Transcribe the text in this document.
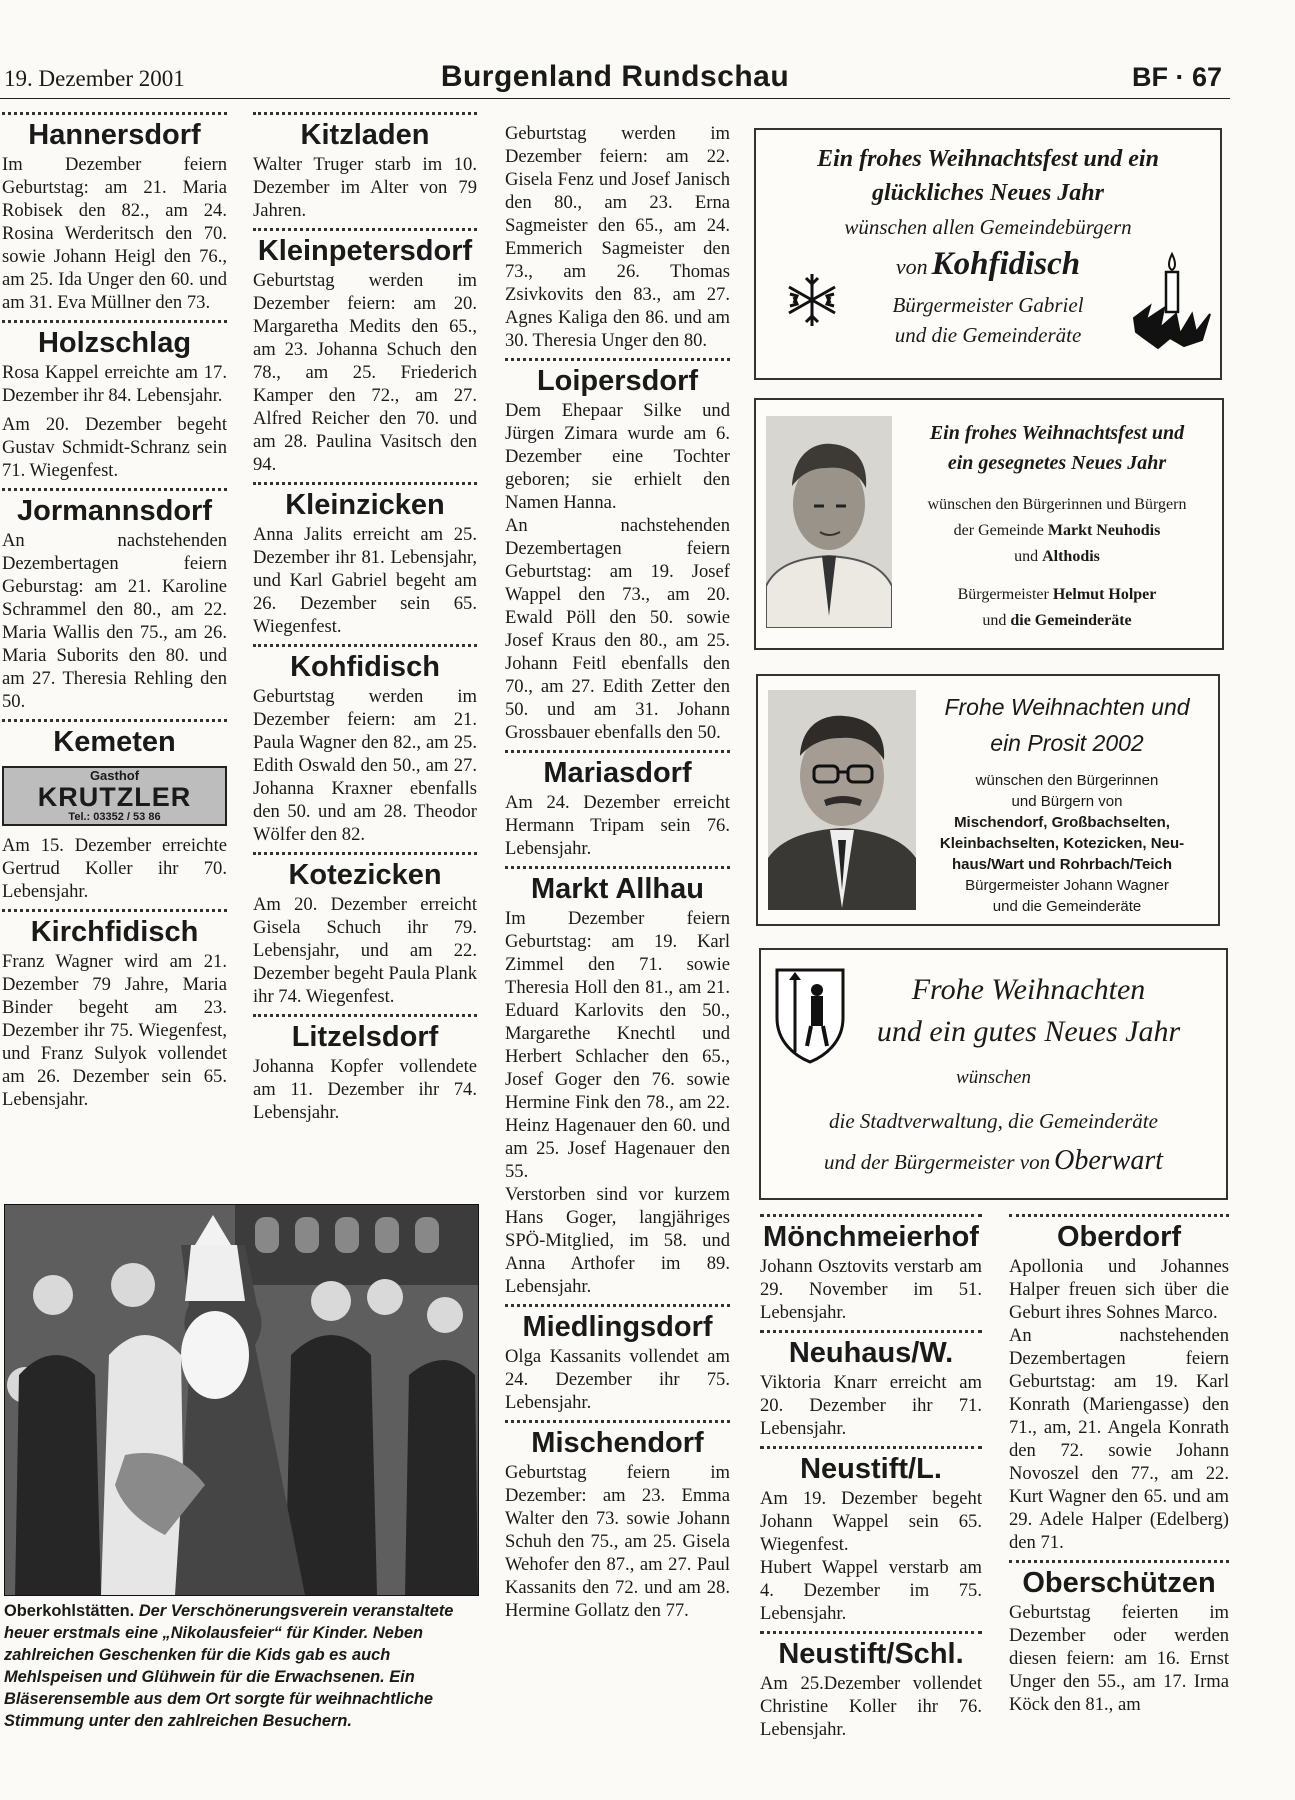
19. Dezember 2001	Burgenland Rundschau	BF · 67
Hannersdorf

Im Dezember feiern Geburtstag: am 21. Maria Robisek den 82., am 24. Rosina Werderitsch den 70. sowie Johann Heigl den 76., am 25. Ida Unger den 60. und am 31. Eva Müllner den 73.

Holzschlag

Rosa Kappel erreichte am 17. Dezember ihr 84. Lebensjahr.

Am 20. Dezember begeht Gustav Schmidt-Schranz sein 71. Wiegenfest.

Jormannsdorf

An nachstehenden Dezembertagen feiern Geburstag: am 21. Karoline Schrammel den 80., am 22. Maria Wallis den 75., am 26. Maria Suborits den 80. und am 27. Theresia Rehling den 50.

Kemeten
Gasthof
KRUTZLER
Tel.: 03352 / 53 86

Am 15. Dezember erreichte Gertrud Koller ihr 70. Lebensjahr.

Kirchfidisch

Franz Wagner wird am 21. Dezember 79 Jahre, Maria Binder begeht am 23. Dezember ihr 75. Wiegenfest, und Franz Sulyok vollendet am 26. Dezember sein 65. Lebensjahr.

Kitzladen

Walter Truger starb im 10. Dezember im Alter von 79 Jahren.

Kleinpetersdorf

Geburtstag werden im Dezember feiern: am 20. Margaretha Medits den 65., am 23. Johanna Schuch den 78., am 25. Friederich Kamper den 72., am 27. Alfred Reicher den 70. und am 28. Paulina Vasitsch den 94.

Kleinzicken

Anna Jalits erreicht am 25. Dezember ihr 81. Lebensjahr, und Karl Gabriel begeht am 26. Dezember sein 65. Wiegenfest.

Kohfidisch

Geburtstag werden im Dezember feiern: am 21. Paula Wagner den 82., am 25. Edith Oswald den 50., am 27. Johanna Kraxner ebenfalls den 50. und am 28. Theodor Wölfer den 82.

Kotezicken

Am 20. Dezember erreicht Gisela Schuch ihr 79. Lebensjahr, und am 22. Dezember begeht Paula Plank ihr 74. Wiegenfest.

Litzelsdorf

Johanna Kopfer vollendete am 11. Dezember ihr 74. Lebensjahr.

Geburtstag werden im Dezember feiern: am 22. Gisela Fenz und Josef Janisch den 80., am 23. Erna Sagmeister den 65., am 24. Emmerich Sagmeister den 73., am 26. Thomas Zsivkovits den 83., am 27. Agnes Kaliga den 86. und am 30. Theresia Unger den 80.

Loipersdorf

Dem Ehepaar Silke und Jürgen Zimara wurde am 6. Dezember eine Tochter geboren; sie erhielt den Namen Hanna.

An nachstehenden Dezembertagen feiern Geburtstag: am 19. Josef Wappel den 73., am 20. Ewald Pöll den 50. sowie Josef Kraus den 80., am 25. Johann Feitl ebenfalls den 70., am 27. Edith Zetter den 50. und am 31. Johann Grossbauer ebenfalls den 50.

Mariasdorf

Am 24. Dezember erreicht Hermann Tripam sein 76. Lebensjahr.

Markt Allhau

Im Dezember feiern Geburtstag: am 19. Karl Zimmel den 71. sowie Theresia Holl den 81., am 21. Eduard Karlovits den 50., Margarethe Knechtl und Herbert Schlacher den 65., Josef Goger den 76. sowie Hermine Fink den 78., am 22. Heinz Hagenauer den 60. und am 25. Josef Hagenauer den 55.

Verstorben sind vor kurzem Hans Goger, langjähriges SPÖ-Mitglied, im 58. und Anna Arthofer im 89. Lebensjahr.

Miedlingsdorf

Olga Kassanits vollendet am 24. Dezember ihr 75. Lebensjahr.

Mischendorf

Geburtstag feiern im Dezember: am 23. Emma Walter den 73. sowie Johann Schuh den 75., am 25. Gisela Wehofer den 87., am 27. Paul Kassanits den 72. und am 28. Hermine Gollatz den 77.

Ein frohes Weihnachtsfest und ein
glückliches Neues Jahr
wünschen allen Gemeindebürgern
von Kohfidisch
Bürgermeister Gabriel
und die Gemeinderäte
Ein frohes Weihnachtsfest und
ein gesegnetes Neues Jahr
wünschen den Bürgerinnen und Bürgern
der Gemeinde Markt Neuhodis
und Althodis
Bürgermeister Helmut Holper
und die Gemeinderäte
Frohe Weihnachten und
ein Prosit 2002
wünschen den Bürgerinnen
und Bürgern von
Mischendorf, Großbachselten,
Kleinbachselten, Kotezicken, Neu-
haus/Wart und Rohrbach/Teich
Bürgermeister Johann Wagner
und die Gemeinderäte
Frohe Weihnachten
und ein gutes Neues Jahr
wünschen
die Stadtverwaltung, die Gemeinderäte
und der Bürgermeister von Oberwart
Oberkohlstätten. Der Verschönerungsverein veranstaltete heuer erstmals eine „Nikolausfeier“ für Kinder. Neben zahlreichen Geschenken für die Kids gab es auch Mehlspeisen und Glühwein für die Erwachsenen. Ein Bläserensemble aus dem Ort sorgte für weihnachtliche Stimmung unter den zahlreichen Besuchern.
Mönchmeierhof

Johann Osztovits verstarb am 29. November im 51. Lebensjahr.

Neuhaus/W.

Viktoria Knarr erreicht am 20. Dezember ihr 71. Lebensjahr.

Neustift/L.

Am 19. Dezember begeht Johann Wappel sein 65. Wiegenfest.

Hubert Wappel verstarb am 4. Dezember im 75. Lebensjahr.

Neustift/Schl.

Am 25.Dezember vollendet Christine Koller ihr 76. Lebensjahr.

Oberdorf

Apollonia und Johannes Halper freuen sich über die Geburt ihres Sohnes Marco.

An nachstehenden Dezembertagen feiern Geburtstag: am 19. Karl Konrath (Mariengasse) den 71., am, 21. Angela Konrath den 72. sowie Johann Novoszel den 77., am 22. Kurt Wagner den 65. und am 29. Adele Halper (Edelberg) den 71.

Oberschützen

Geburtstag feierten im Dezember oder werden diesen feiern: am 16. Ernst Unger den 55., am 17. Irma Köck den 81., am
